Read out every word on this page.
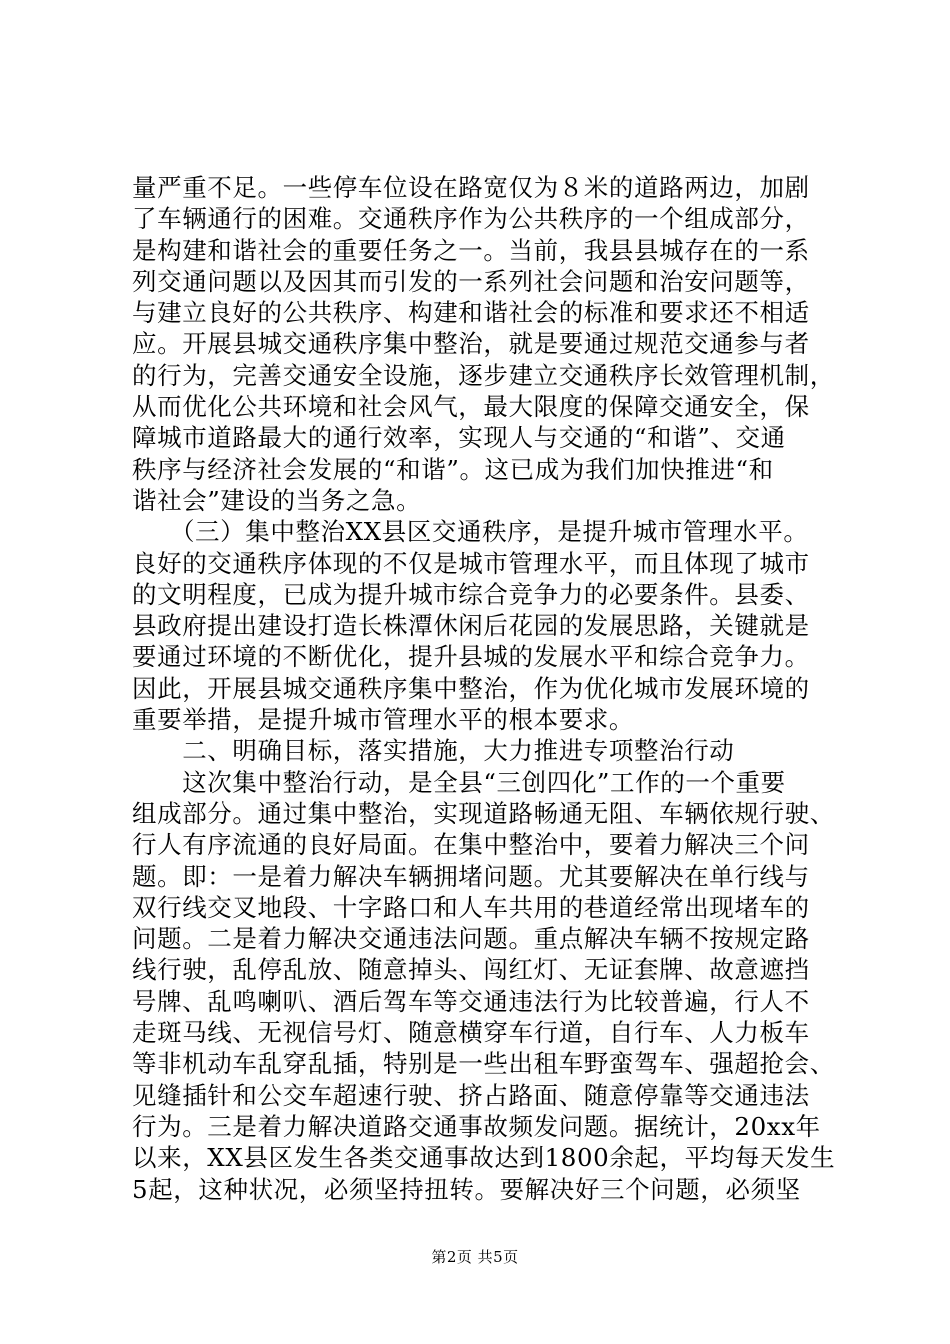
量严重不足。一些停车位设在路宽仅为８米的道路两边，加剧
了车辆通行的困难。交通秩序作为公共秩序的一个组成部分，
是构建和谐社会的重要任务之一。当前，我县县城存在的一系
列交通问题以及因其而引发的一系列社会问题和治安问题等，
与建立良好的公共秩序、构建和谐社会的标准和要求还不相适
应。开展县城交通秩序集中整治，就是要通过规范交通参与者
的行为，完善交通安全设施，逐步建立交通秩序长效管理机制，
从而优化公共环境和社会风气，最大限度的保障交通安全，保
障城市道路最大的通行效率，实现人与交通的“和谐”、交通
秩序与经济社会发展的“和谐”。这已成为我们加快推进“和
谐社会”建设的当务之急。
　　（三）集中整治XX县区交通秩序，是提升城市管理水平。
良好的交通秩序体现的不仅是城市管理水平，而且体现了城市
的文明程度，已成为提升城市综合竞争力的必要条件。县委、
县政府提出建设打造长株潭休闲后花园的发展思路，关键就是
要通过环境的不断优化，提升县城的发展水平和综合竞争力。
因此，开展县城交通秩序集中整治，作为优化城市发展环境的
重要举措，是提升城市管理水平的根本要求。
　　二、明确目标，落实措施，大力推进专项整治行动
　　这次集中整治行动，是全县“三创四化”工作的一个重要
组成部分。通过集中整治，实现道路畅通无阻、车辆依规行驶、
行人有序流通的良好局面。在集中整治中，要着力解决三个问
题。即：一是着力解决车辆拥堵问题。尤其要解决在单行线与
双行线交叉地段、十字路口和人车共用的巷道经常出现堵车的
问题。二是着力解决交通违法问题。重点解决车辆不按规定路
线行驶，乱停乱放、随意掉头、闯红灯、无证套牌、故意遮挡
号牌、乱鸣喇叭、酒后驾车等交通违法行为比较普遍，行人不
走斑马线、无视信号灯、随意横穿车行道，自行车、人力板车
等非机动车乱穿乱插，特别是一些出租车野蛮驾车、强超抢会、
见缝插针和公交车超速行驶、挤占路面、随意停靠等交通违法
行为。三是着力解决道路交通事故频发问题。据统计，20xx年
以来，XX县区发生各类交通事故达到1800余起，平均每天发生
5起，这种状况，必须坚持扭转。要解决好三个问题，必须坚
第2页 共5页
